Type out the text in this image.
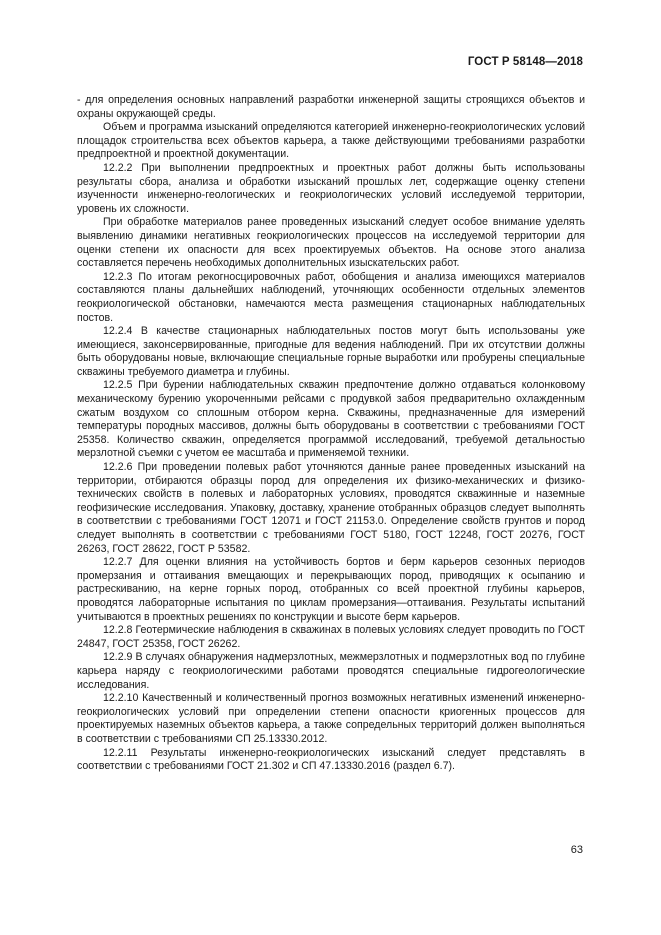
ГОСТ Р 58148—2018

- для определения основных направлений разработки инженерной защиты строящихся объектов и охраны окружающей среды.

Объем и программа изысканий определяются категорией инженерно-геокриологических условий площадок строительства всех объектов карьера, а также действующими требованиями разработки предпроектной и проектной документации.

12.2.2 При выполнении предпроектных и проектных работ должны быть использованы результаты сбора, анализа и обработки изысканий прошлых лет, содержащие оценку степени изученности инженерно-геологических и геокриологических условий исследуемой территории, уровень их сложности.

При обработке материалов ранее проведенных изысканий следует особое внимание уделять выявлению динамики негативных геокриологических процессов на исследуемой территории для оценки степени их опасности для всех проектируемых объектов. На основе этого анализа составляется перечень необходимых дополнительных изыскательских работ.

12.2.3 По итогам рекогносцировочных работ, обобщения и анализа имеющихся материалов составляются планы дальнейших наблюдений, уточняющих особенности отдельных элементов геокриологической обстановки, намечаются места размещения стационарных наблюдательных постов.

12.2.4 В качестве стационарных наблюдательных постов могут быть использованы уже имеющиеся, законсервированные, пригодные для ведения наблюдений. При их отсутствии должны быть оборудованы новые, включающие специальные горные выработки или пробурены специальные скважины требуемого диаметра и глубины.

12.2.5 При бурении наблюдательных скважин предпочтение должно отдаваться колонковому механическому бурению укороченными рейсами с продувкой забоя предварительно охлажденным сжатым воздухом со сплошным отбором керна. Скважины, предназначенные для измерений температуры породных массивов, должны быть оборудованы в соответствии с требованиями ГОСТ 25358. Количество скважин, определяется программой исследований, требуемой детальностью мерзлотной съемки с учетом ее масштаба и применяемой техники.

12.2.6 При проведении полевых работ уточняются данные ранее проведенных изысканий на территории, отбираются образцы пород для определения их физико-механических и физико-технических свойств в полевых и лабораторных условиях, проводятся скважинные и наземные геофизические исследования. Упаковку, доставку, хранение отобранных образцов следует выполнять в соответствии с требованиями ГОСТ 12071 и ГОСТ 21153.0. Определение свойств грунтов и пород следует выполнять в соответствии с требованиями ГОСТ 5180, ГОСТ 12248, ГОСТ 20276, ГОСТ 26263, ГОСТ 28622, ГОСТ Р 53582.

12.2.7 Для оценки влияния на устойчивость бортов и берм карьеров сезонных периодов промерзания и оттаивания вмещающих и перекрывающих пород, приводящих к осыпанию и растрескиванию, на керне горных пород, отобранных со всей проектной глубины карьеров, проводятся лабораторные испытания по циклам промерзания—оттаивания. Результаты испытаний учитываются в проектных решениях по конструкции и высоте берм карьеров.

12.2.8 Геотермические наблюдения в скважинах в полевых условиях следует проводить по ГОСТ 24847, ГОСТ 25358, ГОСТ 26262.

12.2.9 В случаях обнаружения надмерзлотных, межмерзлотных и подмерзлотных вод по глубине карьера наряду с геокриологическими работами проводятся специальные гидрогеологические исследования.

12.2.10 Качественный и количественный прогноз возможных негативных изменений инженерно-геокриологических условий при определении степени опасности криогенных процессов для проектируемых наземных объектов карьера, а также сопредельных территорий должен выполняться в соответствии с требованиями СП 25.13330.2012.

12.2.11 Результаты инженерно-геокриологических изысканий следует представлять в соответствии с требованиями ГОСТ 21.302 и СП 47.13330.2016 (раздел 6.7).

63
